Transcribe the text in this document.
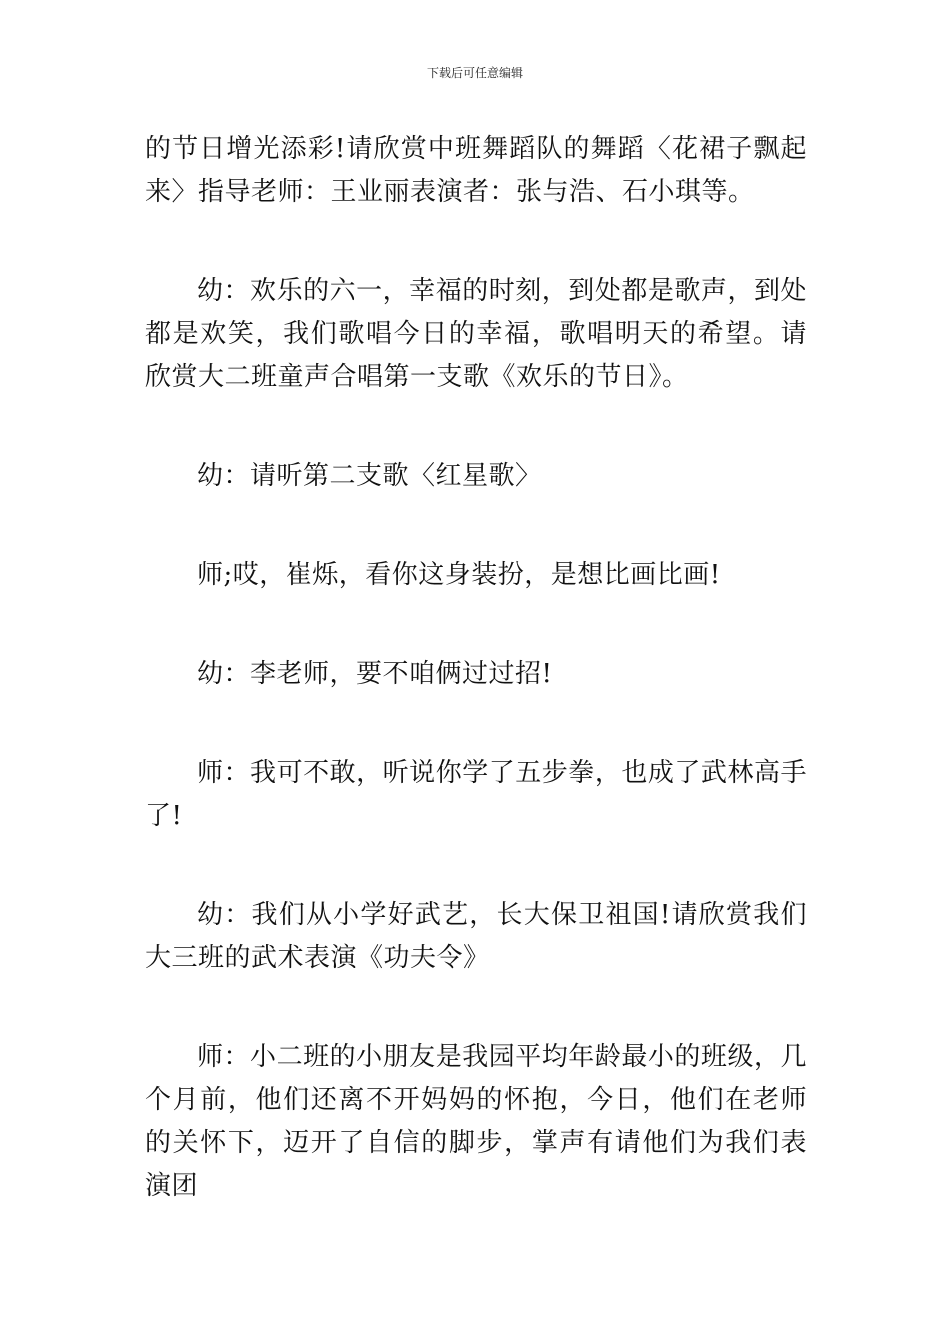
下载后可任意编辑

的节日增光添彩!请欣赏中班舞蹈队的舞蹈〈花裙子飘起来〉指导老师：王业丽表演者：张与浩、石小琪等。

幼：欢乐的六一，幸福的时刻，到处都是歌声，到处都是欢笑，我们歌唱今日的幸福，歌唱明天的希望。请欣赏大二班童声合唱第一支歌《欢乐的节日》。

幼：请听第二支歌〈红星歌〉

师;哎，崔烁，看你这身装扮，是想比画比画!

幼：李老师，要不咱俩过过招!

师：我可不敢，听说你学了五步拳，也成了武林高手了!

幼：我们从小学好武艺，长大保卫祖国!请欣赏我们大三班的武术表演《功夫令》

师：小二班的小朋友是我园平均年龄最小的班级，几个月前，他们还离不开妈妈的怀抱，今日，他们在老师的关怀下，迈开了自信的脚步，掌声有请他们为我们表演团
